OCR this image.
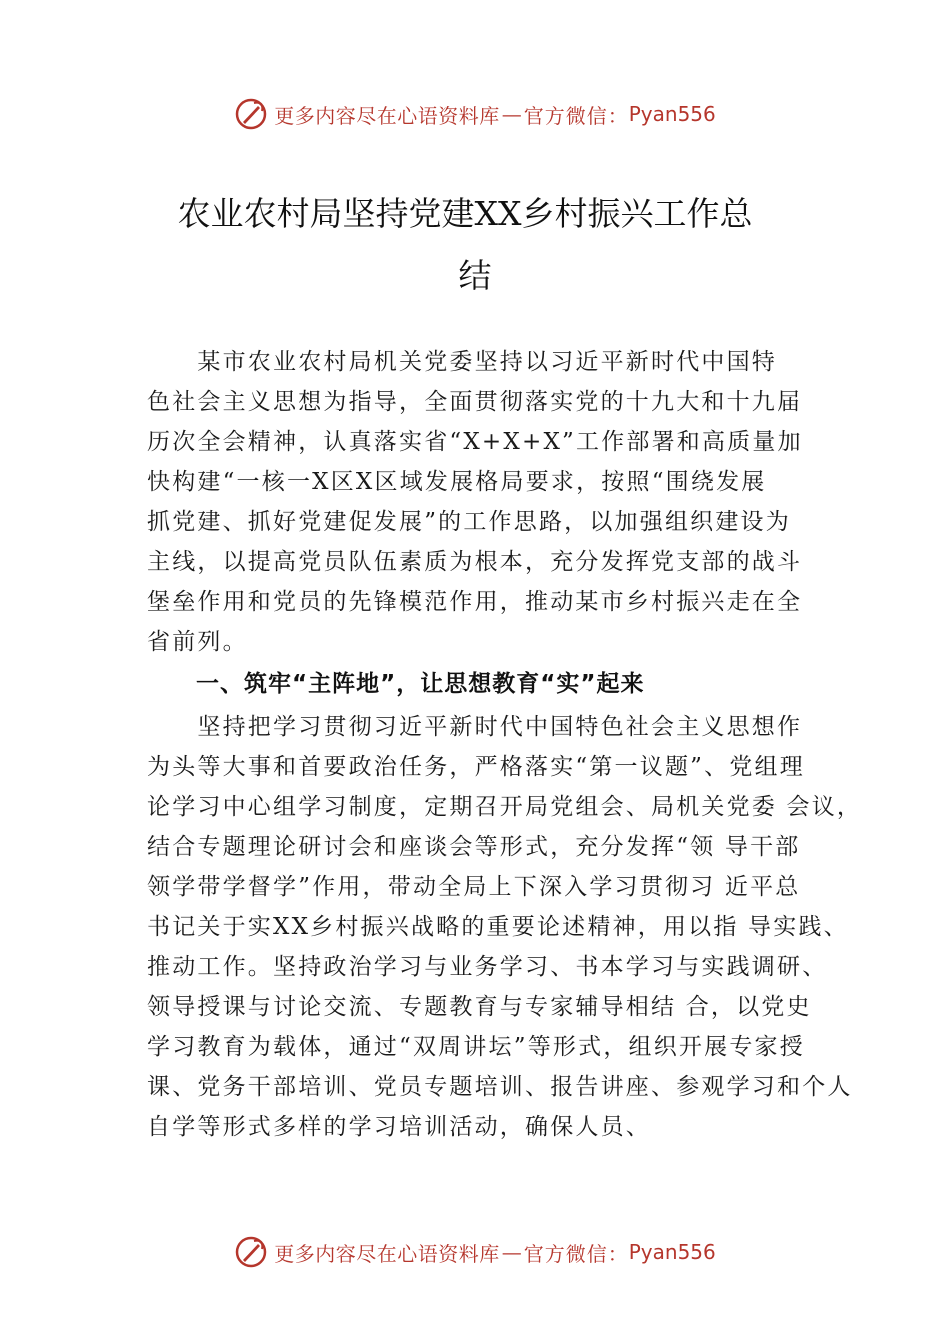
更多内容尽在心语资料库 — 官方微信： Pyan556
农业农村局坚持党建XX乡村振兴工作总
结
　　某市农业农村局机关党委坚持以习近平新时代中国特
色社会主义思想为指导，全面贯彻落实党的十九大和十九届
历次全会精神，认真落实省“X+X+X”工作部署和高质量加
快构建“一核一X区X区域发展格局要求，按照“围绕发展
抓党建、抓好党建促发展”的工作思路，以加强组织建设为
主线，以提高党员队伍素质为根本，充分发挥党支部的战斗
堡垒作用和党员的先锋模范作用，推动某市乡村振兴走在全
省前列。
一、筑牢“主阵地”，让思想教育“实”起来
　　坚持把学习贯彻习近平新时代中国特色社会主义思想作
为头等大事和首要政治任务，严格落实“第一议题”、党组理
论学习中心组学习制度，定期召开局党组会、局机关党委 会议，
结合专题理论研讨会和座谈会等形式，充分发挥“领 导干部
领学带学督学”作用，带动全局上下深入学习贯彻习 近平总
书记关于实XX乡村振兴战略的重要论述精神，用以指 导实践、
推动工作。坚持政治学习与业务学习、书本学习与实践调研、
领导授课与讨论交流、专题教育与专家辅导相结 合，以党史
学习教育为载体，通过“双周讲坛”等形式，组织开展专家授
课、党务干部培训、党员专题培训、报告讲座、参观学习和个人
自学等形式多样的学习培训活动，确保人员、
更多内容尽在心语资料库 — 官方微信： Pyan556
